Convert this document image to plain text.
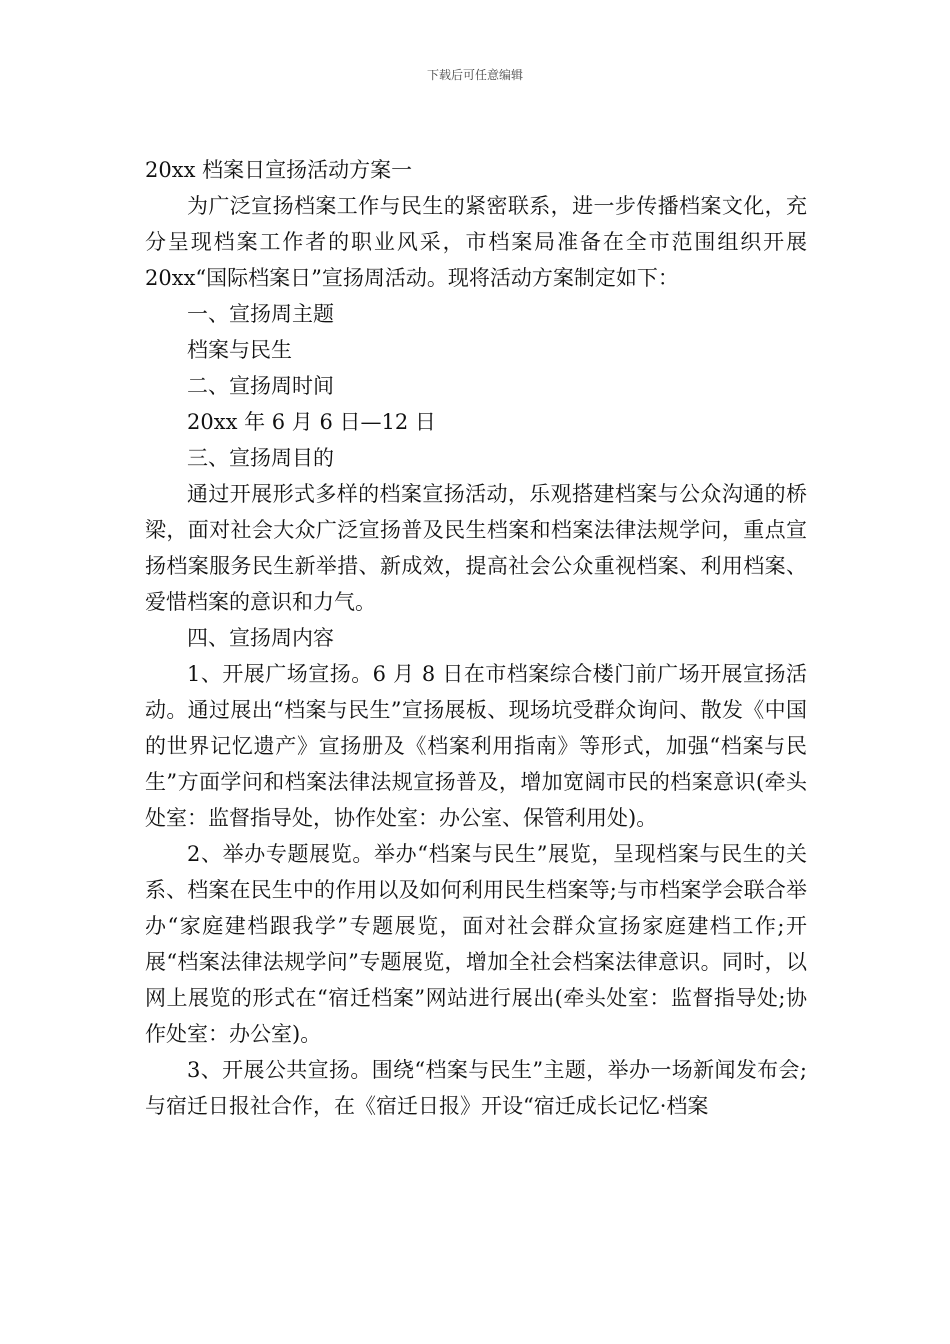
下载后可任意编辑

20xx 档案日宣扬活动方案一

为广泛宣扬档案工作与民生的紧密联系，进一步传播档案文化，充分呈现档案工作者的职业风采，市档案局准备在全市范围组织开展 20xx“国际档案日”宣扬周活动。现将活动方案制定如下：

一、宣扬周主题

档案与民生

二、宣扬周时间

20xx 年 6 月 6 日—12 日

三、宣扬周目的

通过开展形式多样的档案宣扬活动，乐观搭建档案与公众沟通的桥梁，面对社会大众广泛宣扬普及民生档案和档案法律法规学问，重点宣扬档案服务民生新举措、新成效，提高社会公众重视档案、利用档案、爱惜档案的意识和力气。

四、宣扬周内容

1、开展广场宣扬。6 月 8 日在市档案综合楼门前广场开展宣扬活动。通过展出“档案与民生”宣扬展板、现场坑受群众询问、散发《中国的世界记忆遗产》宣扬册及《档案利用指南》等形式，加强“档案与民生”方面学问和档案法律法规宣扬普及，增加宽阔市民的档案意识(牵头处室：监督指导处，协作处室：办公室、保管利用处)。

2、举办专题展览。举办“档案与民生”展览，呈现档案与民生的关系、档案在民生中的作用以及如何利用民生档案等;与市档案学会联合举办“家庭建档跟我学”专题展览，面对社会群众宣扬家庭建档工作;开展“档案法律法规学问”专题展览，增加全社会档案法律意识。同时，以网上展览的形式在“宿迁档案”网站进行展出(牵头处室：监督指导处;协作处室：办公室)。

3、开展公共宣扬。围绕“档案与民生”主题，举办一场新闻发布会;与宿迁日报社合作，在《宿迁日报》开设“宿迁成长记忆·档案
